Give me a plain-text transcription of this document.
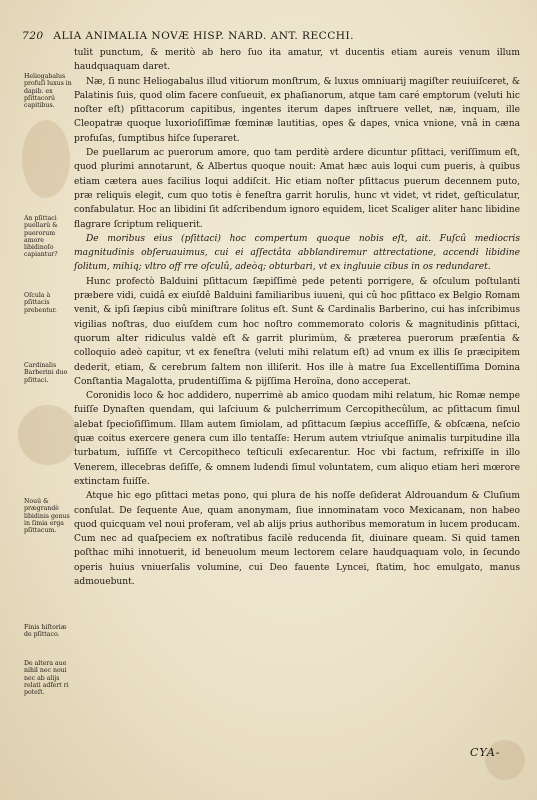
720 ALIA ANIMALIA NOVÆ HISP. NARD. ANT. RECCHI.
Heliogabalus profuſi luxus in dapib. ex pſittacorû capitibus.
An pſittaci puellarû & puerorum amore libidinoſo capiantur?
Oſcula à pſittacis prebentur.
Cardinalis Barberini duo pſittaci.
Nouû & prægrandè libidinis genus in ſimia erga pſittacum.
Finis hiſtoriæ de pſittaco.
De altera aue nihil nec noui nec ab alijs relati adfert ri poteſt.

tulit punctum, & meritò ab hero ſuo ita amatur, vt ducentis etiam aureis venum illum haudquaquam daret.

Næ, ſi nunc Heliogabalus illud vitiorum monſtrum, & luxus omniuarij magiſter reuiuiſceret, & Palatinis ſuis, quod olim facere conſueuit, ex phaſianorum, atque tam caré emptorum (veluti hic noſter eſt) pſittacorum capitibus, ingentes iterum dapes inſtruere vellet, næ, inquam, ille Cleopatræ quoque luxorioſiſſimæ fœminæ lautitias, opes & dapes, vnica vnione, vnâ in cæna profuſas, ſumptibus hiſce ſuperaret.

De puellarum ac puerorum amore, quo tam perditè ardere dicuntur pſittaci, veriſſimum eſt, quod plurimi annotarunt, & Albertus quoque nouit: Amat hæc auis loqui cum pueris, à quibus etiam cætera aues facilius loqui addiſcit. Hic etiam noſter pſittacus puerum decennem puto, præ reliquis elegit, cum quo totis è feneſtra garrit horulis, hunc vt videt, vt ridet, geſticulatur, confabulatur. Hoc an libidini ſit adſcribendum ignoro equidem, licet Scaliger aliter hanc libidine flagrare ſcriptum reliquerit.

De moribus eius (pſittaci) hoc compertum quoque nobis eſt, ait. Fuſcû mediocris magnitudinis obſeruauimus, cui ei aſſectâta abblandiremur attrectatione, accendi libidine ſolitum, mihiq; vltro off rre oſculû, adeòq; obturbari, vt ex ingluuie cibus in os redundaret.

Hunc profectò Balduini pſittacum ſæpiſſimè pede petenti porrigere, & oſculum poſtulanti præbere vidi, cuidâ ex eiuſdê Balduini familiaribus iuueni, qui cû hoc pſittaco ex Belgio Romam venit, & ipſi ſæpius cibû miniſtrare ſolitus eſt. Sunt & Cardinalis Barberino, cui has inſcribimus vigilias noſtras, duo eiuſdem cum hoc noſtro commemorato coloris & magnitudinis pſittaci, quorum alter ridiculus valdè eſt & garrit plurimùm, & præterea puerorum præſentia & colloquio adeò capitur, vt ex feneſtra (veluti mihi relatum eſt) ad vnum ex illis ſe præcipitem dederit, etiam, & cerebrum ſaltem non illiſerit. Hos ille à matre ſua Excellentiſſima Domina Conſtantia Magalotta, prudentiſſima & pijſſima Heroïna, dono acceperat.

Coronidis loco & hoc addidero, nuperrimè ab amico quodam mihi relatum, hic Romæ nempe fuiſſe Dynaſten quendam, qui laſciuum & pulcherrimum Cercopithecûlum, ac pſittacum ſimul alebat ſpecioſiſſimum. Illam autem ſimiolam, ad pſittacum ſæpius acceſſiſſe, & obſcæna, neſcio quæ coitus exercere genera cum illo tentaſſe: Herum autem vtriuſque animalis turpitudine illa turbatum, iuſſiſſe vt Cercopitheco teſticuli exſecarentur. Hoc vbi factum, refrixiſſe in illo Venerem, illecebras deſiſſe, & omnem ludendi ſimul voluntatem, cum aliquo etiam heri mœrore extinctam fuiſſe.

Atque hic ego pſittaci metas pono, qui plura de his noſſe deſiderat Aldrouandum & Cluſium conſulat. De ſequente Aue, quam anonymam, ſiue innominatam voco Mexicanam, non habeo quod quicquam vel noui proferam, vel ab alijs prius authoribus memoratum in lucem producam. Cum nec ad quaſpeciem ex noſtratibus facilè reducenda ſit, diuinare queam. Si quid tamen poſthac mihi innotuerit, id beneuolum meum lectorem celare haudquaquam volo, in ſecundo operis huius vniuerſalis volumine, cui Deo fauente Lyncei, ſtatim, hoc emulgato, manus admouebunt.

CYA-
